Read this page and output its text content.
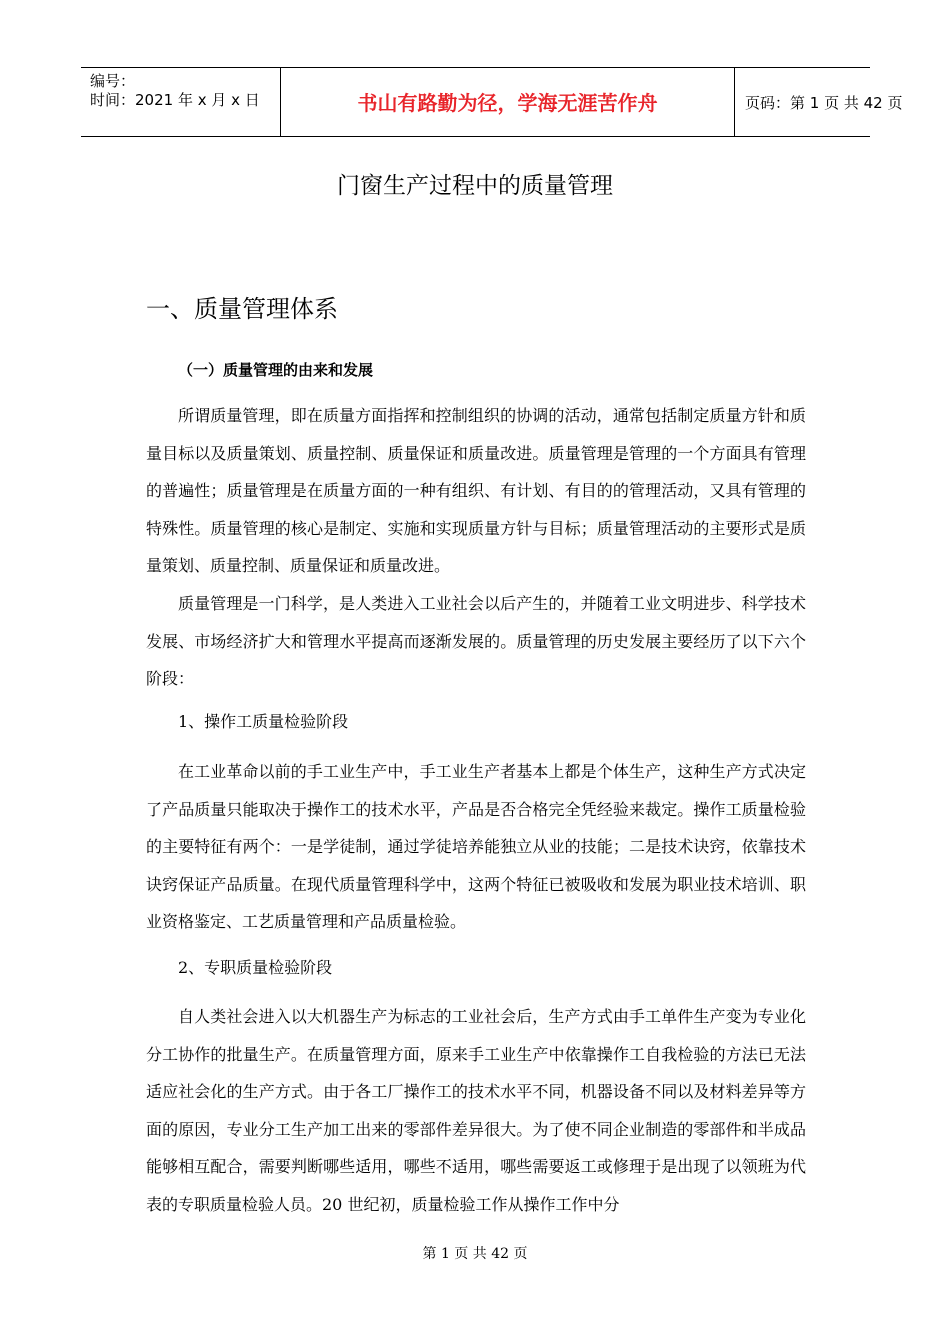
编号：
时间：2021 年 x 月 x 日	书山有路勤为径，学海无涯苦作舟	页码：第 1 页 共 42 页
门窗生产过程中的质量管理
一、质量管理体系
（一）质量管理的由来和发展

所谓质量管理，即在质量方面指挥和控制组织的协调的活动，通常包括制定质量方针和质量目标以及质量策划、质量控制、质量保证和质量改进。质量管理是管理的一个方面具有管理的普遍性；质量管理是在质量方面的一种有组织、有计划、有目的的管理活动，又具有管理的特殊性。质量管理的核心是制定、实施和实现质量方针与目标；质量管理活动的主要形式是质量策划、质量控制、质量保证和质量改进。

质量管理是一门科学，是人类进入工业社会以后产生的，并随着工业文明进步、科学技术发展、市场经济扩大和管理水平提高而逐渐发展的。质量管理的历史发展主要经历了以下六个阶段：

1、操作工质量检验阶段

在工业革命以前的手工业生产中，手工业生产者基本上都是个体生产，这种生产方式决定了产品质量只能取决于操作工的技术水平，产品是否合格完全凭经验来裁定。操作工质量检验的主要特征有两个：一是学徒制，通过学徒培养能独立从业的技能；二是技术诀窍，依靠技术诀窍保证产品质量。在现代质量管理科学中，这两个特征已被吸收和发展为职业技术培训、职业资格鉴定、工艺质量管理和产品质量检验。

2、专职质量检验阶段

自人类社会进入以大机器生产为标志的工业社会后，生产方式由手工单件生产变为专业化分工协作的批量生产。在质量管理方面，原来手工业生产中依靠操作工自我检验的方法已无法适应社会化的生产方式。由于各工厂操作工的技术水平不同，机器设备不同以及材料差异等方面的原因，专业分工生产加工出来的零部件差异很大。为了使不同企业制造的零部件和半成品能够相互配合，需要判断哪些适用，哪些不适用，哪些需要返工或修理于是出现了以领班为代表的专职质量检验人员。20 世纪初，质量检验工作从操作工作中分

第 1 页 共 42 页
